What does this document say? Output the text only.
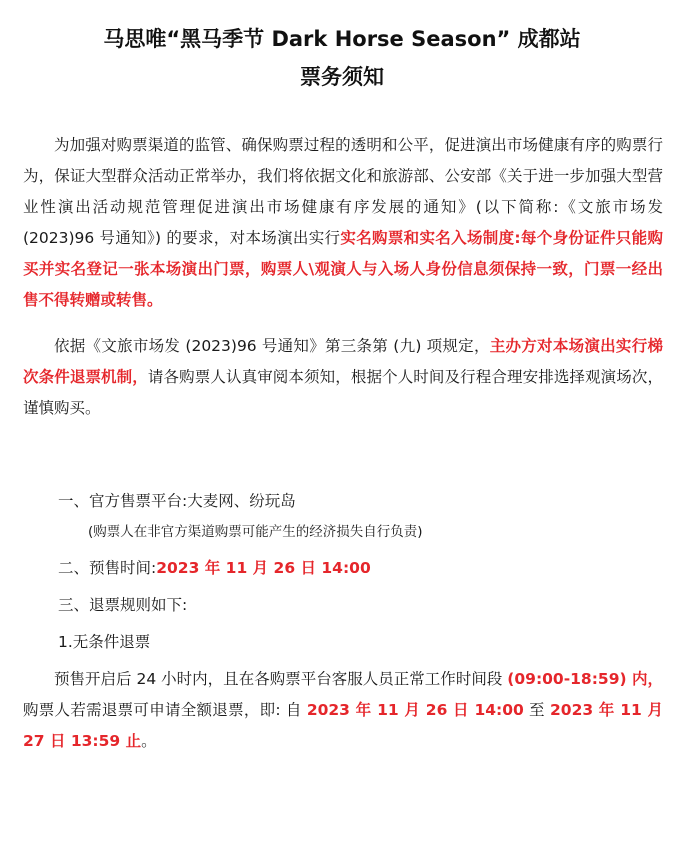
马思唯“黑马季节 Dark Horse Season” 成都站
票务须知

为加强对购票渠道的监管、确保购票过程的透明和公平，促进演出市场健康有序的购票行为，保证大型群众活动正常举办，我们将依据文化和旅游部、公安部《关于进一步加强大型营业性演出活动规范管理促进演出市场健康有序发展的通知》(以下简称:《文旅市场发 (2023)96 号通知》) 的要求，对本场演出实行实名购票和实名入场制度:每个身份证件只能购买并实名登记一张本场演出门票，购票人\观演人与入场人身份信息须保持一致，门票一经出售不得转赠或转售。

依据《文旅市场发 (2023)96 号通知》第三条第 (九) 项规定，主办方对本场演出实行梯次条件退票机制，请各购票人认真审阅本须知，根据个人时间及行程合理安排选择观演场次，谨慎购买。

一、官方售票平台:大麦网、纷玩岛

(购票人在非官方渠道购票可能产生的经济损失自行负责)

二、预售时间:2023 年 11 月 26 日 14:00

三、退票规则如下:

1.无条件退票

预售开启后 24 小时内，且在各购票平台客服人员正常工作时间段 (09:00-18:59) 内，购票人若需退票可申请全额退票，即: 自 2023 年 11 月 26 日 14:00 至 2023 年 11 月 27 日 13:59 止。
